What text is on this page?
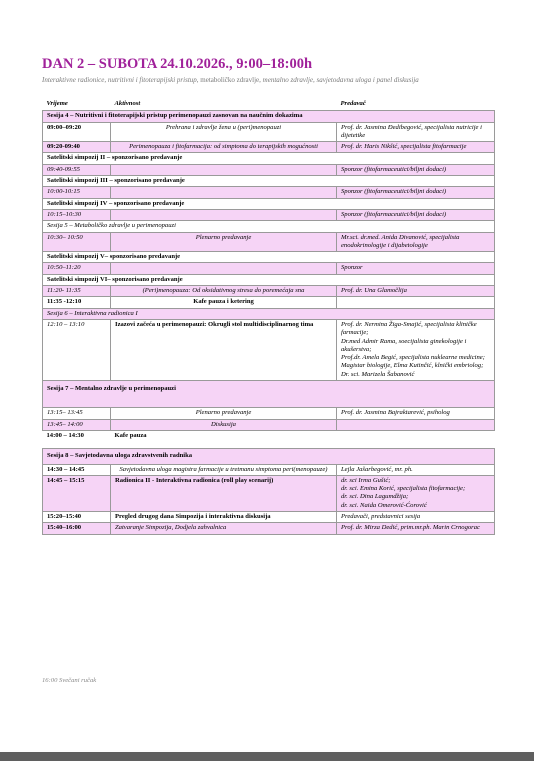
DAN 2 – SUBOTA 24.10.2026., 9:00–18:00h

Interaktivne radionice, nutritivni i fitoterapijski pristup, metaboličko zdravlje, mentalno zdravlje, savjetodavna uloga i panel diskusija

Vrijeme	Aktivnost	Predavač
Sesija 4 – Nutritivni i fitoterapijski pristup perimenopauzi zasnovan na naučnim dokazima		
09:00–09:20	Prehrana i zdravlje žena u (peri)menopauzi	Prof. dr. Jasmina Đedibegović, specijalista nutricije i dijetetike
09:20-09:40	Perimenopauza i fitofarmacija: od simptoma do terapijskih mogućnosti	Prof. dr. Haris Nikšić, specijalista fitofarmacije
Satelitski simpozij II – sponzorisano predavanje		
09:40-09:55		Sponzor (fitofarmaceutici/biljni dodaci)
Satelitski simpozij III – sponzorisano predavanje		
10:00-10:15		Sponzor (fitofarmaceutici/biljni dodaci)
Satelitski simpozij IV – sponzorisano predavanje		
10:15–10:30		Sponzor (fitofarmaceutici/biljni dodaci)
Sesija 5 – Metaboličko zdravlje u perimenopauzi		
10:30– 10:50	Plenarno predavanje	Mr.sci. dr.med. Anida Divanović, specijalista enodokrinologije i dijabetologije
Satelitski simpozij V– sponzorisano predavanje		
10:50–11:20		Sponzor
Satelitski simpozij VI– sponzorisano predavanje		
11:20- 11:35	(Peri)menopauza: Od oksidativnog stresa do poremećaja sna	Prof. dr. Una Glamočlija
11:35 -12:10	Kafe pauza i ketering	
Sesija 6 – Interaktivna radionica I		
12:10 – 13:10	Izazovi začeća u perimenopauzi: Okrugli stol multidisciplinarnog tima	Prof. dr. Nermina Žiga-Smajić, specijalista kliničke farmacije;
Dr.med Admir Rama, soecijalista ginekologije i akušerstva;
Prof.dr. Amela Begić, specijalista nuklearne medicine;
Magistar biologije, Elma Kutinčić, klnički embriolog;
Dr. sci. Marizela Šabanović

Sesija 7 – Mentalno zdravlje u perimenopauzi		
13:15– 13:45	Plenarno predavanje	Prof. dr. Jasmina Bajraktarević, psiholog
13:45– 14:00	Diskusija	
14:00 – 14:30	Kafe pauza	
Sesija 8 – Savjetodavna uloga zdravstvenih radnika		
14:30 – 14:45	Savjetodavna uloga magistra farmacije u tretmanu simptoma peri(menopauze)	Lejla Jašarbegović, mr. ph.
14:45 – 15:15	Radionica II - Interaktivna radionica (roll play scenarij)	dr. sci Irma Gušić;
dr. sci. Emina Korić, specijalista fitofarmacije;
dr. sci. Dina Lagumdžija;
dr. sci. Naida Omerović-Ćorović

15:20–15:40	Pregled drugog dana Simpozija i interaktivna diskusija	Predavači, predstavnici sesija
15:40–16:00	Zatvaranje Simpozija, Dodjela zahvalnica	Prof. dr. Mirza Dedić, prim.mr.ph. Marin Crnogorac
16:00 Svečani ručak
